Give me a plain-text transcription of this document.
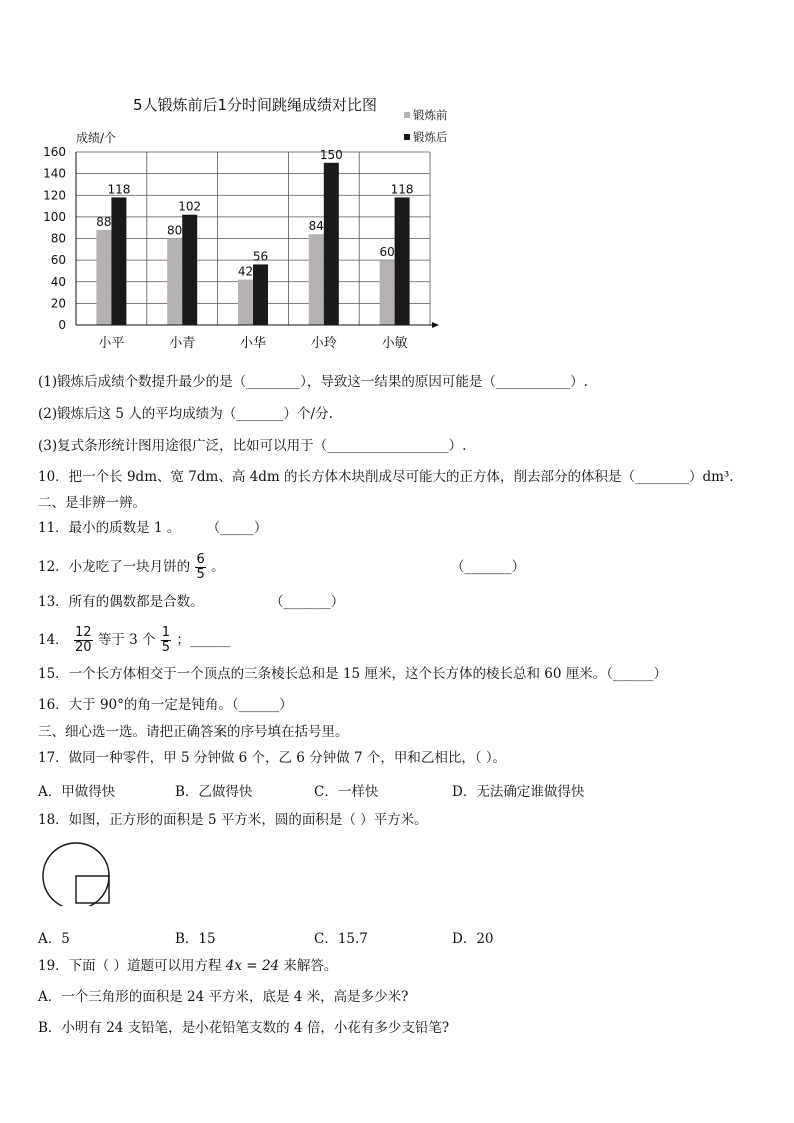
5人锻炼前后1分时间跳绳成绩对比图
成绩/个
锻炼前
锻炼后
88
118
80
102
42
56
84
150
60
118
0
20
40
60
80
100
120
140
160
小平	小青	小华	小玲	小敏
(1)锻炼后成绩个数提升最少的是（________），导致这一结果的原因可能是（___________）.
(2)锻炼后这 5 人的平均成绩为（_______）个/分.
(3)复式条形统计图用途很广泛，比如可以用于（__________________）.
10．把一个长 9dm、宽 7dm、高 4dm 的长方体木块削成尽可能大的正方体，削去部分的体积是（________）dm³.
二、是非辨一辨。
11．最小的质数是 1 。 （_____）
12．小龙吃了一块月饼的 $\frac{6}{5}$ 。	（_______）
13．所有的偶数都是合数。	（_______）
14． $\frac{12}{20}$ 等于 3 个 $\frac{1}{5}$ ；______
15．一个长方体相交于一个顶点的三条棱长总和是 15 厘米，这个长方体的棱长总和 60 厘米。（______）
16．大于 90°的角一定是钝角。（______）
三、细心选一选。请把正确答案的序号填在括号里。
17．做同一种零件，甲 5 分钟做 6 个，乙 6 分钟做 7 个，甲和乙相比，（ ）。
A．甲做得快	B．乙做得快	C．一样快	D．无法确定谁做得快
18．如图，正方形的面积是 5 平方米，圆的面积是（ ）平方米。
A．5	B．15	C．15.7	D．20
19．下面（ ）道题可以用方程 4x = 24 来解答。
A．一个三角形的面积是 24 平方米，底是 4 米，高是多少米?
B．小明有 24 支铅笔，是小花铅笔支数的 4 倍，小花有多少支铅笔?
